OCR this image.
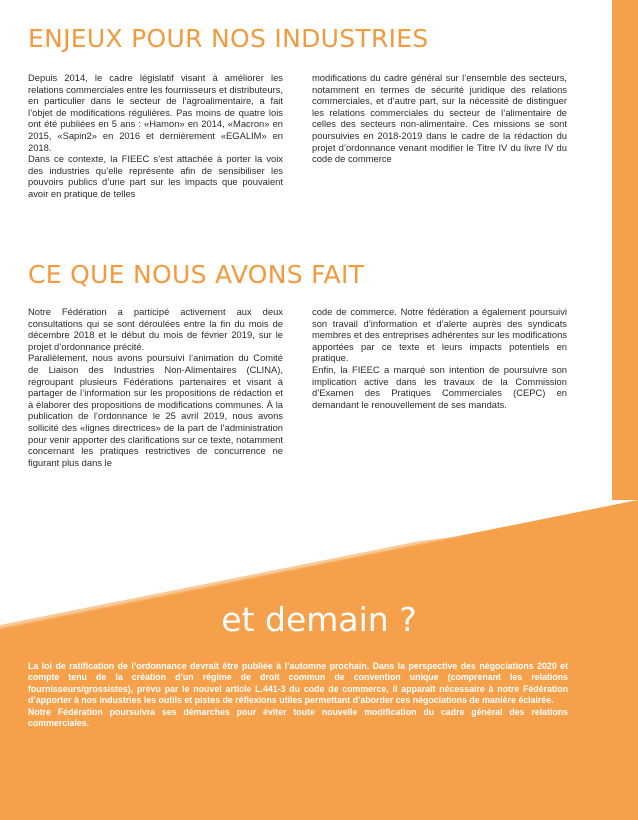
ENJEUX POUR NOS INDUSTRIES

Depuis 2014, le cadre législatif visant à améliorer les relations commerciales entre les fournisseurs et distributeurs, en particulier dans le secteur de l’agroalimentaire, a fait l’objet de modifications régulières. Pas moins de quatre lois ont été publiées en 5 ans : «Hamon» en 2014, «Macron» en 2015, «Sapin2» en 2016 et dernièrement «EGALIM» en 2018.

Dans ce contexte, la FIEEC s’est attachée à porter la voix des industries qu’elle représente afin de sensibiliser les pouvoirs publics d’une part sur les impacts que pouvaient avoir en pratique de telles

modifications du cadre général sur l’ensemble des secteurs, notamment en termes de sécurité juridique des relations commerciales, et d’autre part, sur la nécessité de distinguer les relations commerciales du secteur de l’alimentaire de celles des secteurs non-alimentaire. Ces missions se sont poursuivies en 2018-2019 dans le cadre de la rédaction du projet d’ordonnance venant modifier le Titre IV du livre IV du code de commerce

CE QUE NOUS AVONS FAIT

Notre Fédération a participé activement aux deux consultations qui se sont déroulées entre la fin du mois de décembre 2018 et le début du mois de février 2019, sur le projet d’ordonnance précité.

Parallèlement, nous avons poursuivi l’animation du Comité de Liaison des Industries Non-Alimentaires (CLINA), regroupant plusieurs Fédérations partenaires et visant à partager de l’information sur les propositions de rédaction et à élaborer des propositions de modifications communes. À la publication de l’ordonnance le 25 avril 2019, nous avons sollicité des «lignes directrices» de la part de l’administration pour venir apporter des clarifications sur ce texte, notamment concernant les pratiques restrictives de concurrence ne figurant plus dans le

code de commerce. Notre fédération a également poursuivi son travail d’information et d’alerte auprès des syndicats membres et des entreprises adhérentes sur les modifications apportées par ce texte et leurs impacts potentiels en pratique.

Enfin, la FIEEC a marqué son intention de poursuivre son implication active dans les travaux de la Commission d’Examen des Pratiques Commerciales (CEPC) en demandant le renouvellement de ses mandats.

et demain ?

La loi de ratification de l’ordonnance devrait être publiée à l’automne prochain. Dans la perspective des négociations 2020 et compte tenu de la création d’un régime de droit commun de convention unique (comprenant les relations fournisseurs/grossistes), prévu par le nouvel article L.441-3 du code de commerce, il apparaît nécessaire à notre Fédération d’apporter à nos industries les outils et pistes de réflexions utiles permettant d’aborder ces négociations de manière éclairée.

Notre Fédération poursuivra ses démarches pour éviter toute nouvelle modification du cadre général des relations commerciales.
